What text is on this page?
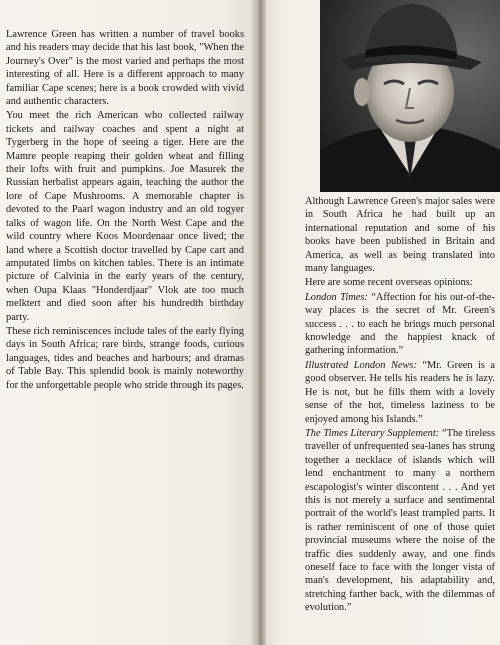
Lawrence Green has written a number of travel books and his readers may decide that his last book, "When the Journey's Over" is the most varied and perhaps the most interesting of all. Here is a different approach to many familiar Cape scenes; here is a book crowded with vivid and authentic characters.

You meet the rich American who collected railway tickets and railway coaches and spent a night at Tygerberg in the hope of seeing a tiger. Here are the Mamre people reaping their golden wheat and filling their lofts with fruit and pumpkins. Joe Masurek the Russian herbalist appears again, teaching the author the lore of Cape Mushrooms. A memorable chapter is devoted to the Paarl wagon industry and an old togyer talks of wagon life. On the North West Cape and the wild country where Koos Moordenaar once lived; the land where a Scottish doctor travelled by Cape cart and amputated limbs on kitchen tables. There is an intimate picture of Calvinia in the early years of the century, when Oupa Klaas "Honderdjaar" Vlok ate too much melktert and died soon after his hundredth birthday party.

These rich reminiscences include tales of the early flying days in South Africa; rare birds, strange foods, curious languages, tides and beaches and harbours; and dramas of Table Bay. This splendid book is mainly noteworthy for the unforgettable people who stride through its pages.

Although Lawrence Green's major sales were in South Africa he had built up an international reputation and some of his books have been published in Britain and America, as well as being translated into many languages.

Here are some recent overseas opinions:

London Times: “Affection for his out-of-the-way places is the secret of Mr. Green's success . . . to each he brings much personal knowledge and the happiest knack of gathering information.”

Illustrated London News: “Mr. Green is a good observer. He tells his readers he is lazy. He is not, but he fills them with a lovely sense of the hot, timeless laziness to be enjoyed among his Islands.”

The Times Literary Supplement: “The tireless traveller of unfrequented sea-lanes has strung together a necklace of islands which will lend enchantment to many a northern escapologist's winter discontent . . . And yet this is not merely a surface and sentimental portrait of the world's least trampled parts. It is rather reminiscent of one of those quiet provincial museums where the noise of the traffic dies suddenly away, and one finds oneself face to face with the longer vista of man's development, his adaptability and, stretching farther back, with the dilemmas of evolution.”
